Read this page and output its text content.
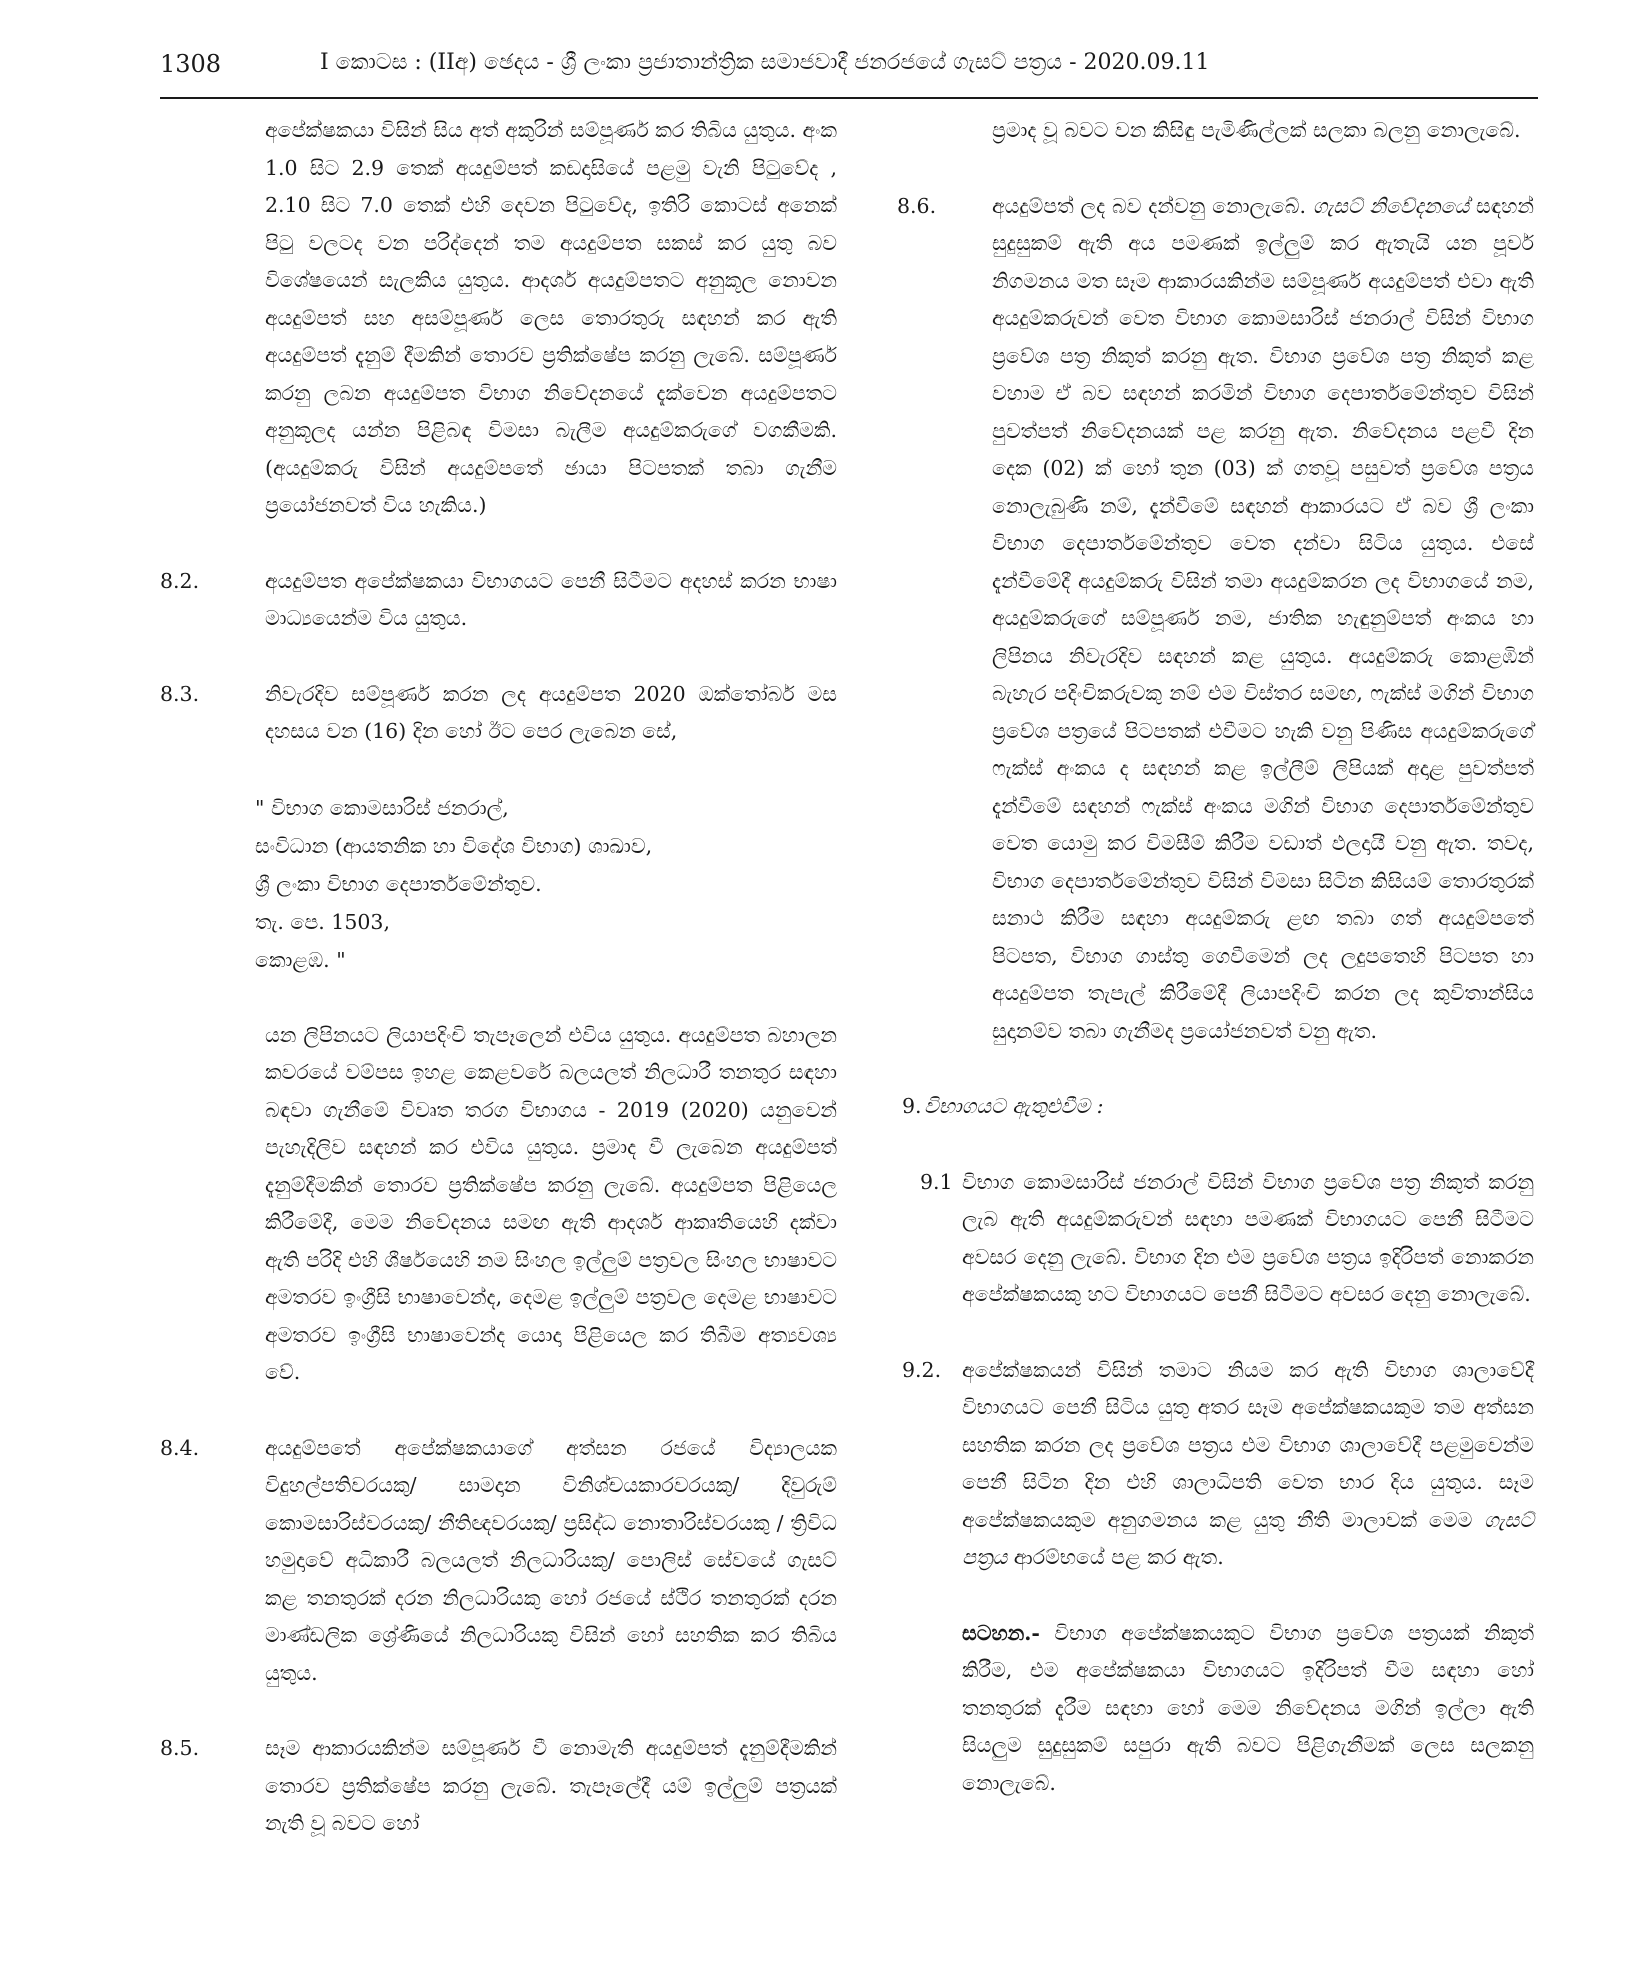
1308	I කොටස : (IIඅ) ඡෙදය - ශ්‍රී ලංකා ප්‍රජාතාන්ත්‍රික සමාජවාදී ජනරජයේ ගැසට් පත්‍රය - 2020.09.11

අපේක්ෂකයා විසින් සිය අත් අකුරින් සම්පූර්ණ කර තිබිය යුතුය. අංක 1.0 සිට 2.9 තෙක් අයදුම්පත් කඩදාසියේ පළමු වැනි පිටුවේද , 2.10 සිට 7.0 තෙක් එහි දෙවන පිටුවේද, ඉතිරි කොටස් අනෙක් පිටු වලටද වන පරිද්දෙන් තම අයදුම්පත සකස් කර යුතු බව විශේෂයෙන් සැලකිය යුතුය. ආදර්ශ අයදුම්පතට අනුකූල නොවන අයදුම්පත් සහ අසම්පූර්ණ ලෙස තොරතුරු සඳහන් කර ඇති අයදුම්පත් දැනුම් දීමකින් තොරව ප්‍රතික්ෂේප කරනු ලැබේ. සම්පූර්ණ කරනු ලබන අයදුම්පත විභාග නිවේදනයේ දැක්වෙන අයදුම්පතට අනුකූලද යන්න පිළිබඳ විමසා බැලීම අයදුම්කරුගේ වගකීමකි. (අයදුම්කරු විසින් අයදුම්පතේ ඡායා පිටපතක් තබා ගැනීම ප්‍රයෝජනවත් විය හැකිය.)

8.2.	අයදුම්පත අපේක්ෂකයා විභාගයට පෙනී සිටීමට අදහස් කරන භාෂා මාධ්‍යයෙන්ම විය යුතුය.
8.3.	නිවැරදිව සම්පූර්ණ කරන ලද අයදුම්පත 2020 ඔක්තෝබර් මස දහසය වන (16) දින හෝ ඊට පෙර ලැබෙන සේ,
" විභාග කොමසාරිස් ජනරාල්,
සංවිධාන (ආයතනික හා විදේශ විභාග) ශාඛාව,
ශ්‍රී ලංකා විභාග දෙපාර්තමේන්තුව.
තැ. පෙ. 1503,
කොළඹ. "

යන ලිපිනයට ලියාපදිංචි තැපෑලෙන් එවිය යුතුය. අයදුම්පත බහාලන කවරයේ වම්පස ඉහළ කෙළවරේ බලයලත් නිලධාරී තනතුර සඳහා බඳවා ගැනීමේ විවෘත තරග විභාගය - 2019 (2020) යනුවෙන් පැහැදිලිව සඳහන් කර එවිය යුතුය. ප්‍රමාද වී ලැබෙන අයදුම්පත් දැනුම්දීමකින් තොරව ප්‍රතික්ෂේප කරනු ලැබේ. අයදුම්පත පිළියෙල කිරීමේදී, මෙම නිවේදනය සමඟ ඇති ආදර්ශ ආකෘතියෙහි දක්වා ඇති පරිදි එහි ශීර්ෂයෙහි නම සිංහල ඉල්ලුම් පත්‍රවල සිංහල භාෂාවට අමතරව ඉංග්‍රීසි භාෂාවෙන්ද, දෙමළ ඉල්ලුම් පත්‍රවල දෙමළ භාෂාවට අමතරව ඉංග්‍රීසි භාෂාවෙන්ද යොදා පිළියෙල කර තිබීම අත්‍යවශ්‍ය වේ.

8.4.	අයදුම්පතේ අපේක්ෂකයාගේ අත්සන රජයේ විද්‍යාලයක විදුහල්පතිවරයකු/ සාමදාන විනිශ්චයකාරවරයකු/ දිවුරුම් කොමසාරිස්වරයකු/ නීතිඥවරයකු/ ප්‍රසිද්ධ නොතාරිස්වරයකු / ත්‍රිවිධ හමුදාවේ අධිකාරී බලයලත් නිලධාරියකු/ පොලිස් සේවයේ ගැසට් කළ තනතුරක් දරන නිලධාරියකු හෝ රජයේ ස්ථිර තනතුරක් දරන මාණ්ඩලික ශ්‍රේණියේ නිලධාරියකු විසින් හෝ සහතික කර තිබිය යුතුය.
8.5.	සෑම ආකාරයකින්ම සම්පූර්ණ වී නොමැති අයදුම්පත් දැනුම්දීමකින් තොරව ප්‍රතික්ෂේප කරනු ලැබේ. තැපෑලේදී යම් ඉල්ලුම් පත්‍රයක් නැති වූ බවට හෝ

ප්‍රමාද වූ බවට වන කිසිඳු පැමිණිල්ලක් සලකා බලනු නොලැබේ.

8.6.	අයදුම්පත් ලද බව දන්වනු නොලැබේ. ගැසට් නිවේදනයේ සඳහන් සුදුසුකම් ඇති අය පමණක් ඉල්ලුම් කර ඇතැයි යන පූර්ව නිගමනය මත සෑම ආකාරයකින්ම සම්පූර්ණ අයදුම්පත් එවා ඇති අයදුම්කරුවන් වෙත විභාග කොමසාරිස් ජනරාල් විසින් විභාග ප්‍රවේශ පත්‍ර නිකුත් කරනු ඇත. විභාග ප්‍රවේශ පත්‍ර නිකුත් කළ වහාම ඒ බව සඳහන් කරමින් විභාග දෙපාර්තමේන්තුව විසින් පුවත්පත් නිවේදනයක් පළ කරනු ඇත. නිවේදනය පළවී දින දෙක (02) ක් හෝ තුන (03) ක් ගතවූ පසුවත් ප්‍රවේශ පත්‍රය නොලැබුණි නම්, දැන්වීමේ සඳහන් ආකාරයට ඒ බව ශ්‍රී ලංකා විභාග දෙපාර්තමේන්තුව වෙත දන්වා සිටිය යුතුය. එසේ දැන්වීමේදී අයදුම්කරු විසින් තමා අයදුම්කරන ලද විභාගයේ නම, අයදුම්කරුගේ සම්පූර්ණ නම, ජාතික හැඳුනුම්පත් අංකය හා ලිපිනය නිවැරදිව සඳහන් කළ යුතුය. අයදුම්කරු කොළඹින් බැහැර පදිංචිකරුවකු නම් එම විස්තර සමඟ, ෆැක්ස් මගින් විභාග ප්‍රවේශ පත්‍රයේ පිටපතක් එවීමට හැකි වනු පිණිස අයදුම්කරුගේ ෆැක්ස් අංකය ද සඳහන් කළ ඉල්ලීම් ලිපියක් අදාළ පුවත්පත් දැන්වීමේ සඳහන් ෆැක්ස් අංකය මගින් විභාග දෙපාර්තමේන්තුව වෙත යොමු කර විමසීම් කිරීම වඩාත් ඵලදායී වනු ඇත. තවද, විභාග දෙපාර්තමේන්තුව විසින් විමසා සිටින කිසියම් තොරතුරක් සනාථ කිරීම සඳහා අයදුම්කරු ළඟ තබා ගත් අයදුම්පතේ පිටපත, විභාග ගාස්තු ගෙවීමෙන් ලද ලදුපතෙහි පිටපත හා අයදුම්පත තැපැල් කිරීමේදී ලියාපදිංචි කරන ලද කුවිතාන්සිය සුදානම්ව තබා ගැනීමද ප්‍රයෝජනවත් වනු ඇත.
9. විභාගයට ඇතුළුවීම :
9.1 විභාග කොමසාරිස් ජනරාල් විසින් විභාග ප්‍රවේශ පත්‍ර නිකුත් කරනු ලැබ ඇති අයදුම්කරුවන් සඳහා පමණක් විභාගයට පෙනී සිටීමට අවසර දෙනු ලැබේ. විභාග දින එම ප්‍රවේශ පත්‍රය ඉදිරිපත් නොකරන අපේක්ෂකයකු හට විභාගයට පෙනී සිටීමට අවසර දෙනු නොලැබේ.
9.2. අපේක්ෂකයන් විසින් තමාට නියම කර ඇති විභාග ශාලාවේදී විභාගයට පෙනී සිටිය යුතු අතර සෑම අපේක්ෂකයකුම තම අත්සන සහතික කරන ලද ප්‍රවේශ පත්‍රය එම විභාග ශාලාවේදී පළමුවෙන්ම පෙනී සිටින දින එහි ශාලාධිපති වෙත භාර දිය යුතුය. සෑම අපේක්ෂකයකුම අනුගමනය කළ යුතු නීති මාලාවක් මෙම ගැසට් පත්‍රය ආරම්භයේ පළ කර ඇත.
සටහන.- විභාග අපේක්ෂකයකුට විභාග ප්‍රවේශ පත්‍රයක් නිකුත් කිරීම, එම අපේක්ෂකයා විභාගයට ඉදිරිපත් වීම සඳහා හෝ තනතුරක් දැරීම සඳහා හෝ මෙම නිවේදනය මගින් ඉල්ලා ඇති සියලුම සුදුසුකම් සපුරා ඇති බවට පිළිගැනීමක් ලෙස සලකනු නොලැබේ.
